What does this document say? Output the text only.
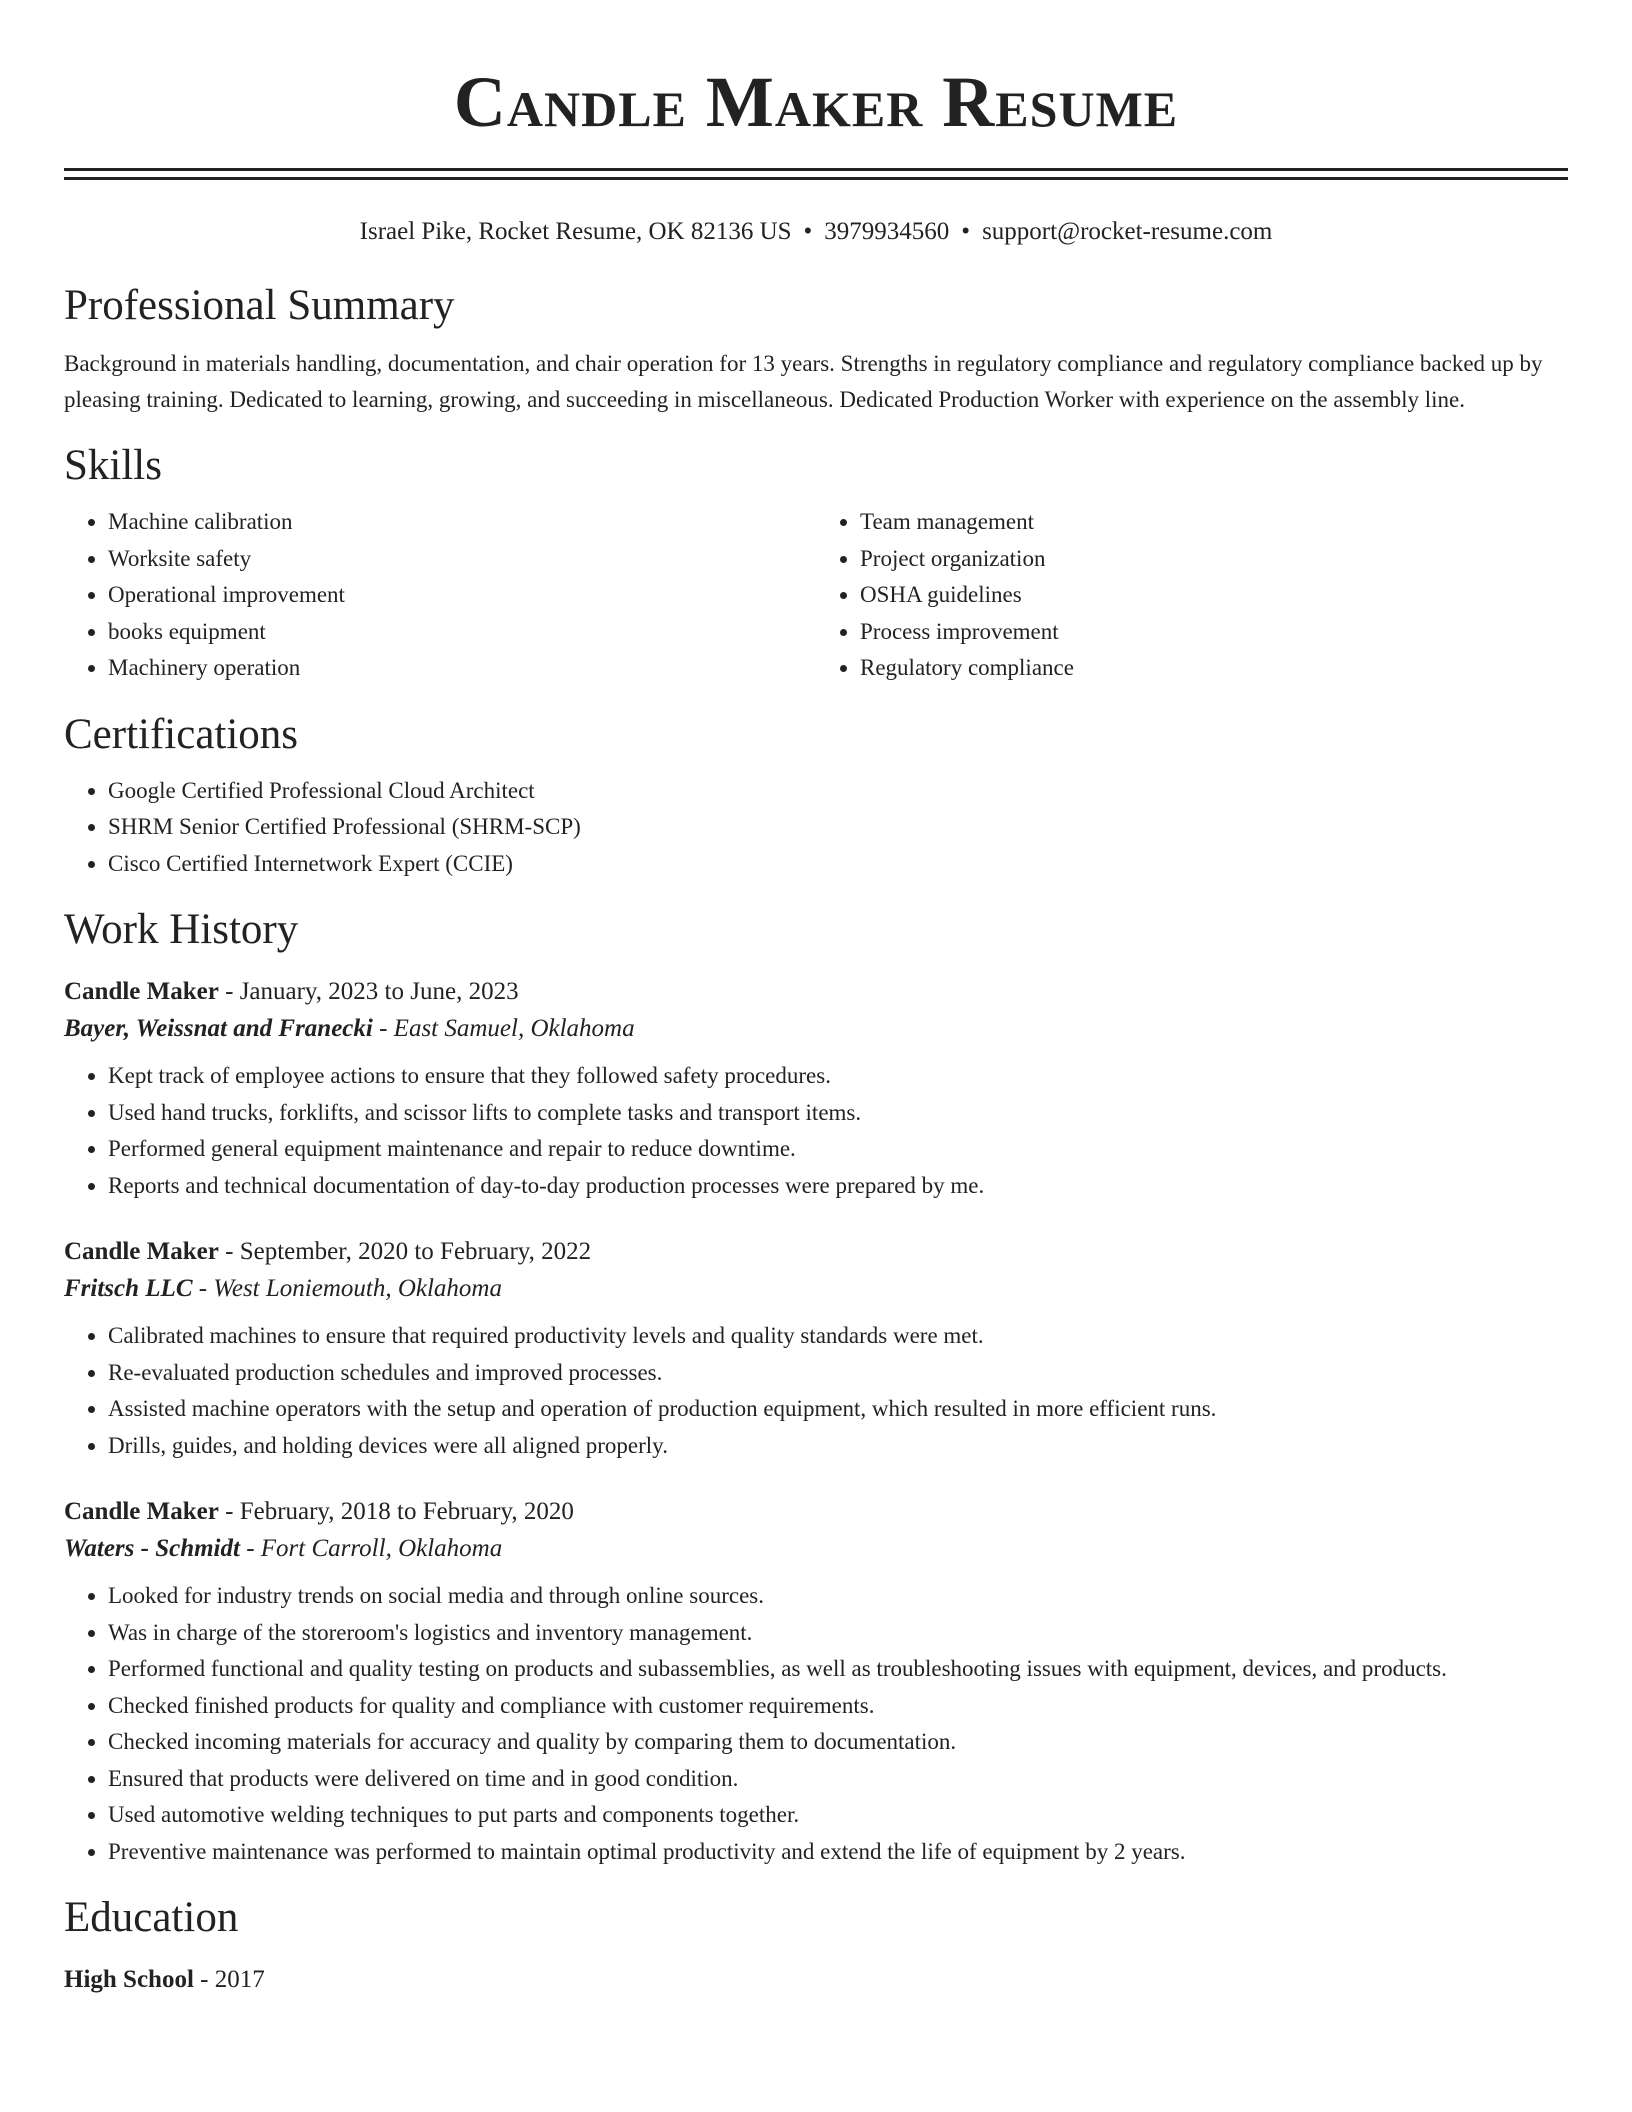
Candle Maker Resume
Israel Pike, Rocket Resume, OK 82136 US • 3979934560 • support@rocket-resume.com
Professional Summary

Background in materials handling, documentation, and chair operation for 13 years. Strengths in regulatory compliance and regulatory compliance backed up by pleasing training. Dedicated to learning, growing, and succeeding in miscellaneous. Dedicated Production Worker with experience on the assembly line.

Skills
• Machine calibration
• Worksite safety
• Operational improvement
• books equipment
• Machinery operation
• Team management
• Project organization
• OSHA guidelines
• Process improvement
• Regulatory compliance
Certifications
• Google Certified Professional Cloud Architect
• SHRM Senior Certified Professional (SHRM-SCP)
• Cisco Certified Internetwork Expert (CCIE)
Work History
Candle Maker - January, 2023 to June, 2023
Bayer, Weissnat and Franecki - East Samuel, Oklahoma
• Kept track of employee actions to ensure that they followed safety procedures.
• Used hand trucks, forklifts, and scissor lifts to complete tasks and transport items.
• Performed general equipment maintenance and repair to reduce downtime.
• Reports and technical documentation of day-to-day production processes were prepared by me.
Candle Maker - September, 2020 to February, 2022
Fritsch LLC - West Loniemouth, Oklahoma
• Calibrated machines to ensure that required productivity levels and quality standards were met.
• Re-evaluated production schedules and improved processes.
• Assisted machine operators with the setup and operation of production equipment, which resulted in more efficient runs.
• Drills, guides, and holding devices were all aligned properly.
Candle Maker - February, 2018 to February, 2020
Waters - Schmidt - Fort Carroll, Oklahoma
• Looked for industry trends on social media and through online sources.
• Was in charge of the storeroom's logistics and inventory management.
• Performed functional and quality testing on products and subassemblies, as well as troubleshooting issues with equipment, devices, and products.
• Checked finished products for quality and compliance with customer requirements.
• Checked incoming materials for accuracy and quality by comparing them to documentation.
• Ensured that products were delivered on time and in good condition.
• Used automotive welding techniques to put parts and components together.
• Preventive maintenance was performed to maintain optimal productivity and extend the life of equipment by 2 years.
Education
High School - 2017
